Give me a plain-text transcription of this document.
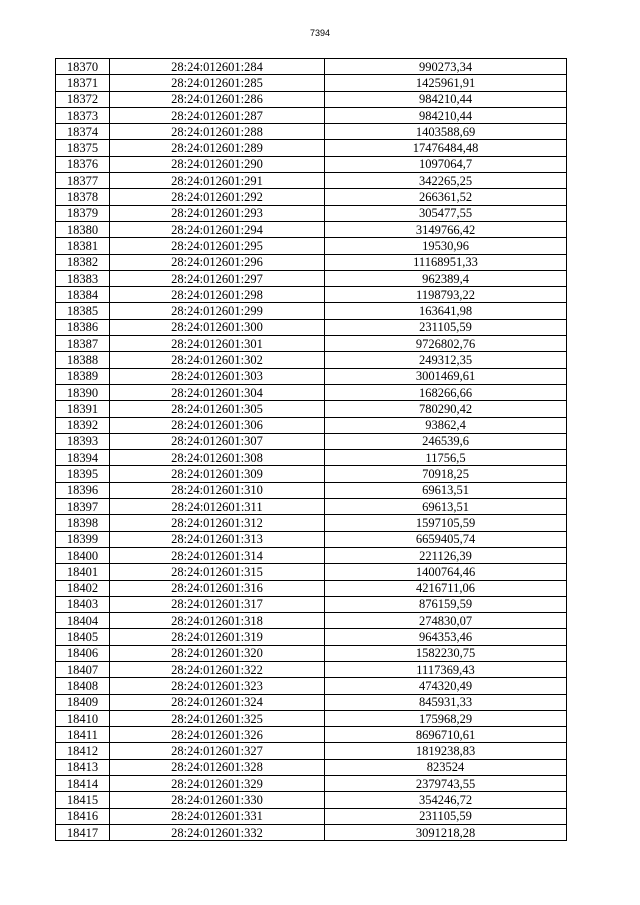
7394
18370	28:24:012601:284	990273,34
18371	28:24:012601:285	1425961,91
18372	28:24:012601:286	984210,44
18373	28:24:012601:287	984210,44
18374	28:24:012601:288	1403588,69
18375	28:24:012601:289	17476484,48
18376	28:24:012601:290	1097064,7
18377	28:24:012601:291	342265,25
18378	28:24:012601:292	266361,52
18379	28:24:012601:293	305477,55
18380	28:24:012601:294	3149766,42
18381	28:24:012601:295	19530,96
18382	28:24:012601:296	11168951,33
18383	28:24:012601:297	962389,4
18384	28:24:012601:298	1198793,22
18385	28:24:012601:299	163641,98
18386	28:24:012601:300	231105,59
18387	28:24:012601:301	9726802,76
18388	28:24:012601:302	249312,35
18389	28:24:012601:303	3001469,61
18390	28:24:012601:304	168266,66
18391	28:24:012601:305	780290,42
18392	28:24:012601:306	93862,4
18393	28:24:012601:307	246539,6
18394	28:24:012601:308	11756,5
18395	28:24:012601:309	70918,25
18396	28:24:012601:310	69613,51
18397	28:24:012601:311	69613,51
18398	28:24:012601:312	1597105,59
18399	28:24:012601:313	6659405,74
18400	28:24:012601:314	221126,39
18401	28:24:012601:315	1400764,46
18402	28:24:012601:316	4216711,06
18403	28:24:012601:317	876159,59
18404	28:24:012601:318	274830,07
18405	28:24:012601:319	964353,46
18406	28:24:012601:320	1582230,75
18407	28:24:012601:322	1117369,43
18408	28:24:012601:323	474320,49
18409	28:24:012601:324	845931,33
18410	28:24:012601:325	175968,29
18411	28:24:012601:326	8696710,61
18412	28:24:012601:327	1819238,83
18413	28:24:012601:328	823524
18414	28:24:012601:329	2379743,55
18415	28:24:012601:330	354246,72
18416	28:24:012601:331	231105,59
18417	28:24:012601:332	3091218,28
